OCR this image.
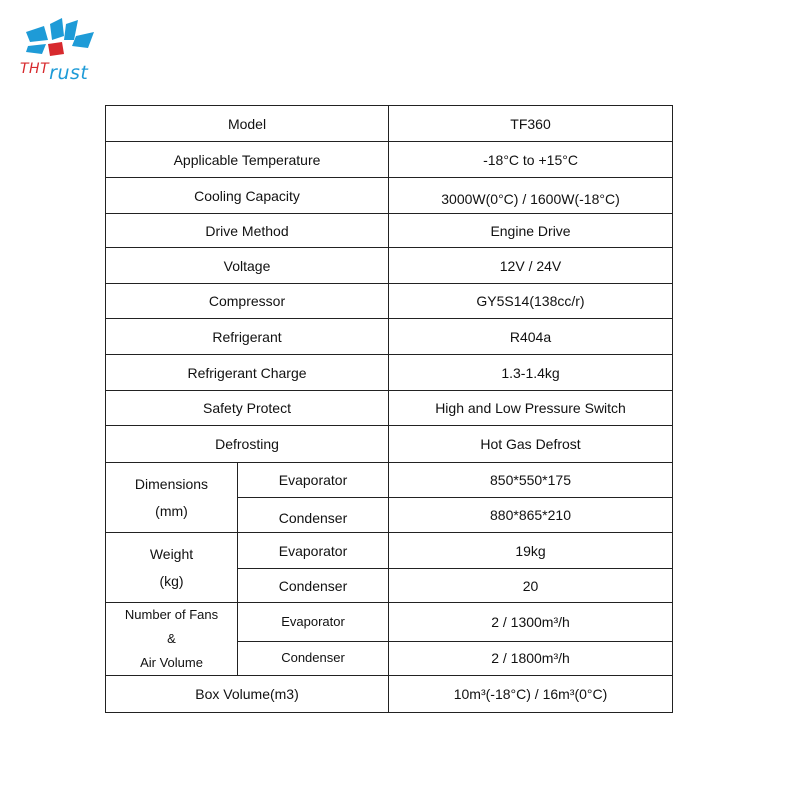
$^{THT}$rust
Model		TF360
Applicable Temperature		-18°C to +15°C
Cooling Capacity		3000W(0°C) / 1600W(-18°C)
Drive Method		Engine Drive
Voltage		12V / 24V
Compressor		GY5S14(138cc/r)
Refrigerant		R404a
Refrigerant Charge		1.3-1.4kg
Safety Protect		High and Low Pressure Switch
Defrosting		Hot Gas Defrost

Dimensions
(mm)	Evaporator	850*550*175
	Condenser	880*865*210

Weight
(kg)	Evaporator	19kg
	Condenser	20

Number of Fans
&
Air Volume	Evaporator	2 / 1300m³/h
	Condenser	2 / 1800m³/h
Box Volume(m3)		10m³(-18°C) / 16m³(0°C)
